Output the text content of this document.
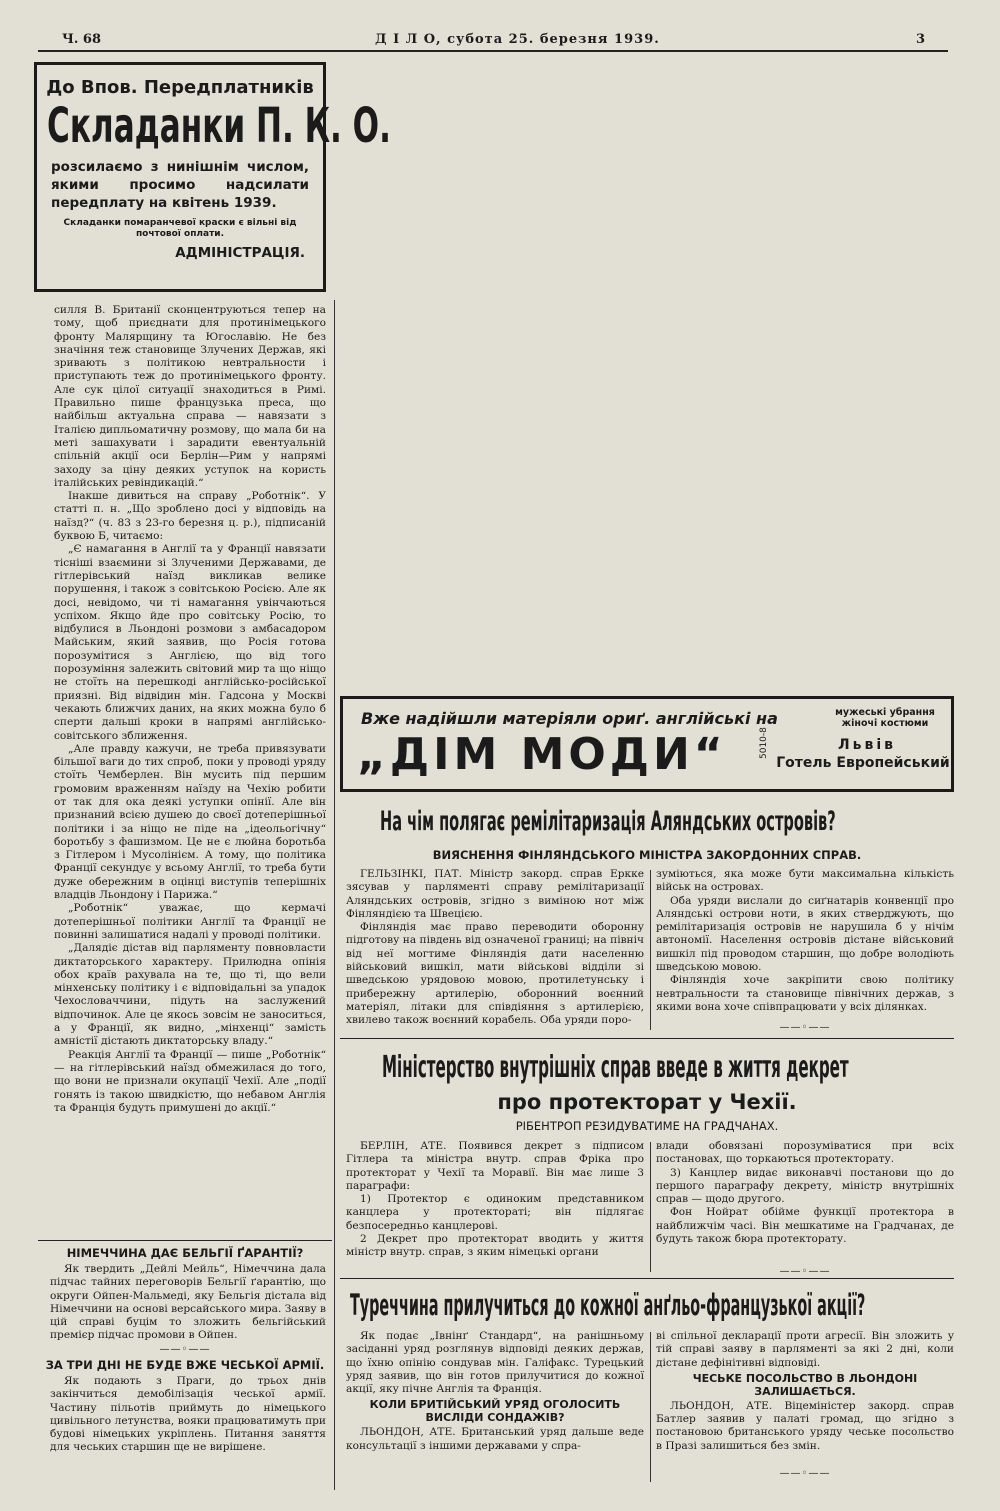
Ч. 68	Д І Л О, субота 25. березня 1939.	3
До Впов. Передплатників
Складанки П. К. О.
розсилаємо з нинішнім числом, якими просимо надсилати передплату на квітень 1939.
Складанки помаранчевої краски є вільні від почтової оплати.
АДМІНІСТРАЦІЯ.

силля В. Британії сконцентруються тепер на тому, щоб приєднати для протинімецького фронту Малярщину та Югославію. Не без значіння теж становище Злучених Держав, які зривають з політикою невтральности і приступають теж до протинімецького фронту. Але сук цілої ситуації знаходиться в Римі. Правильно пише французька преса, що найбільш актуальна справа — навязати з Італією дипльоматичну розмову, що мала би на меті зашахувати і зарадити евентуальній спільній акції оси Берлін—Рим у напрямі заходу за ціну деяких уступок на користь італійських ревіндикацій.“

Інакше дивиться на справу „Роботнік“. У статті п. н. „Що зроблено досі у відповідь на наїзд?“ (ч. 83 з 23-го березня ц. р.), підписаній буквою Б, читаємо:

„Є намагання в Англії та у Франції навязати тісніші взаємини зі Злученими Державами, де гітлерівський наїзд викликав велике порушення, і також з совітською Росією. Але як досі, невідомо, чи ті намагання увінчаються успіхом. Якщо йде про совітську Росію, то відбулися в Льондоні розмови з амбасадором Майським, який заявив, що Росія готова порозумітися з Англією, що від того порозуміння залежить світовий мир та що ніщо не стоїть на перешкоді англійсько-російської приязні. Від відвідин мін. Гадсона у Москві чекають ближчих даних, на яких можна було б сперти дальші кроки в напрямі англійсько-совітського зближення.

„Але правду кажучи, не треба привязувати більшої ваги до тих спроб, поки у проводі уряду стоїть Чемберлен. Він мусить під першим громовим враженням наїзду на Чехію робити от так для ока деякі уступки опінії. Але він признаний всією душею до своєї дотеперішньої політики і за ніщо не піде на „ідеольогічну“ боротьбу з фашизмом. Це не є люйна боротьба з Гітлером і Мусолінієм. А тому, що політика Франції секундує у всьому Англії, то треба бути дуже обережним в оцінці виступів теперішніх владців Льондону і Парижа.“

„Роботнік“ уважає, що кермачі дотеперішньої політики Англії та Франції не повинні залишатися надалі у проводі політики.

„Далядіє дістав від парляменту повновласти диктаторського характеру. Прилюдна опінія обох країв рахувала на те, що ті, що вели мінхенську політику і є відповідальні за упадок Чехословаччини, підуть на заслужений відпочинок. Але це якось зовсім не заноситься, а у Франції, як видно, „мінхенці“ замість амністії дістають диктаторську владу.“

Реакція Англії та Франції — пише „Роботнік“ — на гітлерівський наїзд обмежилася до того, що вони не признали окупації Чехії. Але „події гонять із такою швидкістю, що небавом Англія та Франція будуть примушені до акції.“

НІМЕЧЧИНА ДАЄ БЕЛЬГІЇ ҐАРАНТІЇ?

Як твердить „Дейлі Мейль“, Німеччина дала підчас тайних переговорів Бельгії ґарантію, що округи Ойпен-Мальмеді, яку Бельгія дістала від Німеччини на основі версайського мира. Заяву в цій справі буцім то зложить бельгійський премієр підчас промови в Ойпен.

——◦——
ЗА ТРИ ДНІ НЕ БУДЕ ВЖЕ ЧЕСЬКОЇ АРМІЇ.

Як подають з Праги, до трьох днів закінчиться демобілізація чеської армії. Частину пільотів приймуть до німецького цивільного летунства, вояки працюватимуть при будові німецьких укріплень. Питання заняття для чеських старшин ще не вирішене.

Вже надійшли матеріяли ориґ. англійські на	мужеські убрання жіночі костюми
„ДІМ МОДИ“	5010-8	Львів
Готель Европейський
На чім полягає ремілітаризація Аляндських островів?
ВИЯСНЕННЯ ФІНЛЯНДСЬКОГО МІНІСТРА ЗАКОРДОННИХ СПРАВ.

ГЕЛЬЗІНКІ, ПАТ. Міністр закорд. справ Еркке зясував у парляменті справу ремілітаризації Аляндських островів, згідно з виміною нот між Фінляндією та Швецією.

Фінляндія має право переводити оборонну підготову на південь від означеної границі; на північ від неї могтиме Фінляндія дати населенню військовий вишкіл, мати військові відділи зі шведською урядовою мовою, протилетунську і прибережну артилерію, оборонний воєнний матеріял, літаки для співдіяння з артилерією, хвилево також воєнний корабель. Оба уряди поро-

зуміються, яка може бути максимальна кількість військ на островах.

Оба уряди вислали до сиґнатарів конвенції про Аляндські острови ноти, в яких стверджують, що ремілітаризація островів не нарушила б у нічім автономії. Населення островів дістане військовий вишкіл під проводом старшин, що добре володіють шведською мовою.

Фінляндія хоче закріпити свою політику невтральности та становище північних держав, з якими вона хоче співпрацювати у всіх ділянках.

——◦——
Міністерство внутрішніх справ введе в життя декрет
про протекторат у Чехії.
РІБЕНТРОП РЕЗИДУВАТИМЕ НА ГРАДЧАНАХ.

БЕРЛІН, АТЕ. Появився декрет з підписом Гітлера та міністра внутр. справ Фріка про протекторат у Чехії та Моравії. Він має лише 3 параграфи:

1) Протектор є одиноким представником канцлера у протектораті; він підлягає безпосередньо канцлерові.

2 Декрет про протекторат вводить у життя міністр внутр. справ, з яким німецькі органи

влади обовязані порозумiватися при всіх постановах, що торкаються протекторату.

3) Канцлер видає виконавчі постанови що до першого параграфу декрету, міністр внутрішніх справ — щодо другого.

Фон Нойрат обійме функції протектора в найближчім часі. Він мешкатиме на Градчанах, де будуть також бюра протекторату.

——◦——
Туреччина прилучиться до кожної анґльо-французької акції?

Як подає „Івнінґ Стандард“, на ранішньому засіданні уряд розглянув відповіді деяких держав, що їхню опінію сондував мін. Галіфакс. Турецький уряд заявив, що він готов прилучитися до кожної акції, яку пічне Англія та Франція.

КОЛИ БРИТІЙСЬКИЙ УРЯД ОГОЛОСИТЬ ВИСЛІДИ СОНДАЖІВ?

ЛЬОНДОН, АТЕ. Британський уряд дальше веде консультації з іншими державами у спра-

ві спільної декларації проти агресії. Він зложить у тій справі заяву в парляменті за які 2 дні, коли дістане дефінітивні відповіді.

ЧЕСЬКЕ ПОСОЛЬСТВО В ЛЬОНДОНІ ЗАЛИШАЄТЬСЯ.

ЛЬОНДОН, АТЕ. Віцеміністер закорд. справ Батлер заявив у палаті громад, що згідно з постановою британського уряду чеське посольство в Празі залишиться без змін.

——◦——
